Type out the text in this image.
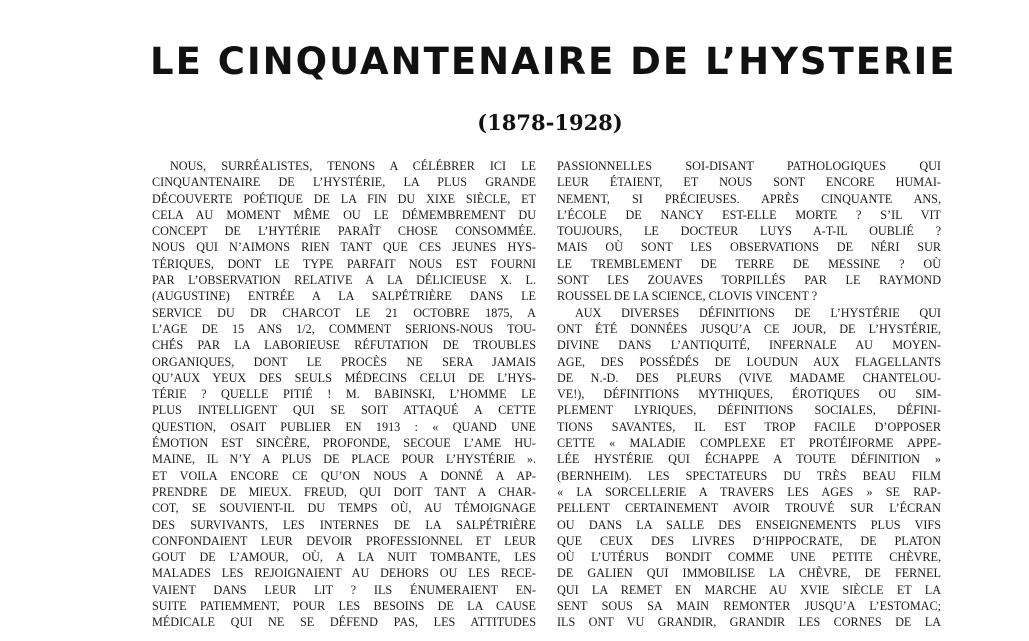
LE CINQUANTENAIRE DE L’HYSTERIE
(1878-1928)
NOUS, SURRÉALISTES, TENONS A CÉLÉBRER ICI LE
CINQUANTENAIRE DE L’HYSTÉRIE, LA PLUS GRANDE
DÉCOUVERTE POÉTIQUE DE LA FIN DU XIXE SIÈCLE, ET
CELA AU MOMENT MÊME OU LE DÉMEMBREMENT DU
CONCEPT DE L’HYTÉRIE PARAÎT CHOSE CONSOMMÉE.
NOUS QUI N’AIMONS RIEN TANT QUE CES JEUNES HYS-
TÉRIQUES, DONT LE TYPE PARFAIT NOUS EST FOURNI
PAR L’OBSERVATION RELATIVE A LA DÉLICIEUSE X. L.
(AUGUSTINE) ENTRÉE A LA SALPÉTRIÈRE DANS LE
SERVICE DU DR CHARCOT LE 21 OCTOBRE 1875, A
L’AGE DE 15 ANS 1/2, COMMENT SERIONS-NOUS TOU-
CHÉS PAR LA LABORIEUSE RÉFUTATION DE TROUBLES
ORGANIQUES, DONT LE PROCÈS NE SERA JAMAIS
QU’AUX YEUX DES SEULS MÉDECINS CELUI DE L’HYS-
TÉRIE ? QUELLE PITIÉ ! M. BABINSKI, L’HOMME LE
PLUS INTELLIGENT QUI SE SOIT ATTAQUÉ A CETTE
QUESTION, OSAIT PUBLIER EN 1913 : « QUAND UNE
ÉMOTION EST SINCÈRE, PROFONDE, SECOUE L’AME HU-
MAINE, IL N’Y A PLUS DE PLACE POUR L’HYSTÉRIE ».
ET VOILA ENCORE CE QU’ON NOUS A DONNÉ A AP-
PRENDRE DE MIEUX. FREUD, QUI DOIT TANT A CHAR-
COT, SE SOUVIENT-IL DU TEMPS OÙ, AU TÉMOIGNAGE
DES SURVIVANTS, LES INTERNES DE LA SALPÉTRIÈRE
CONFONDAIENT LEUR DEVOIR PROFESSIONNEL ET LEUR
GOUT DE L’AMOUR, OÙ, A LA NUIT TOMBANTE, LES
MALADES LES REJOIGNAIENT AU DEHORS OU LES RECE-
VAIENT DANS LEUR LIT ? ILS ÉNUMERAIENT EN-
SUITE PATIEMMENT, POUR LES BESOINS DE LA CAUSE
MÉDICALE QUI NE SE DÉFEND PAS, LES ATTITUDES
PASSIONNELLES SOI-DISANT PATHOLOGIQUES QUI
LEUR ÉTAIENT, ET NOUS SONT ENCORE HUMAI-
NEMENT, SI PRÉCIEUSES. APRÈS CINQUANTE ANS,
L’ÉCOLE DE NANCY EST-ELLE MORTE ? S’IL VIT
TOUJOURS, LE DOCTEUR LUYS A-T-IL OUBLIÉ ?
MAIS OÙ SONT LES OBSERVATIONS DE NÉRI SUR
LE TREMBLEMENT DE TERRE DE MESSINE ? OÙ
SONT LES ZOUAVES TORPILLÉS PAR LE RAYMOND
ROUSSEL DE LA SCIENCE, CLOVIS VINCENT ?
AUX DIVERSES DÉFINITIONS DE L’HYSTÉRIE QUI
ONT ÉTÉ DONNÉES JUSQU’A CE JOUR, DE L’HYSTÉRIE,
DIVINE DANS L’ANTIQUITÉ, INFERNALE AU MOYEN-
AGE, DES POSSÉDÉS DE LOUDUN AUX FLAGELLANTS
DE N.-D. DES PLEURS (VIVE MADAME CHANTELOU-
VE!), DÉFINITIONS MYTHIQUES, ÉROTIQUES OU SIM-
PLEMENT LYRIQUES, DÉFINITIONS SOCIALES, DÉFINI-
TIONS SAVANTES, IL EST TROP FACILE D’OPPOSER
CETTE « MALADIE COMPLEXE ET PROTÉIFORME APPE-
LÉE HYSTÉRIE QUI ÉCHAPPE A TOUTE DÉFINITION »
(BERNHEIM). LES SPECTATEURS DU TRÈS BEAU FILM
« LA SORCELLERIE A TRAVERS LES AGES » SE RAP-
PELLENT CERTAINEMENT AVOIR TROUVÉ SUR L’ÉCRAN
OU DANS LA SALLE DES ENSEIGNEMENTS PLUS VIFS
QUE CEUX DES LIVRES D’HIPPOCRATE, DE PLATON
OÙ L’UTÉRUS BONDIT COMME UNE PETITE CHÈVRE,
DE GALIEN QUI IMMOBILISE LA CHÈVRE, DE FERNEL
QUI LA REMET EN MARCHE AU XVIE SIÈCLE ET LA
SENT SOUS SA MAIN REMONTER JUSQU’A L’ESTOMAC;
ILS ONT VU GRANDIR, GRANDIR LES CORNES DE LA
